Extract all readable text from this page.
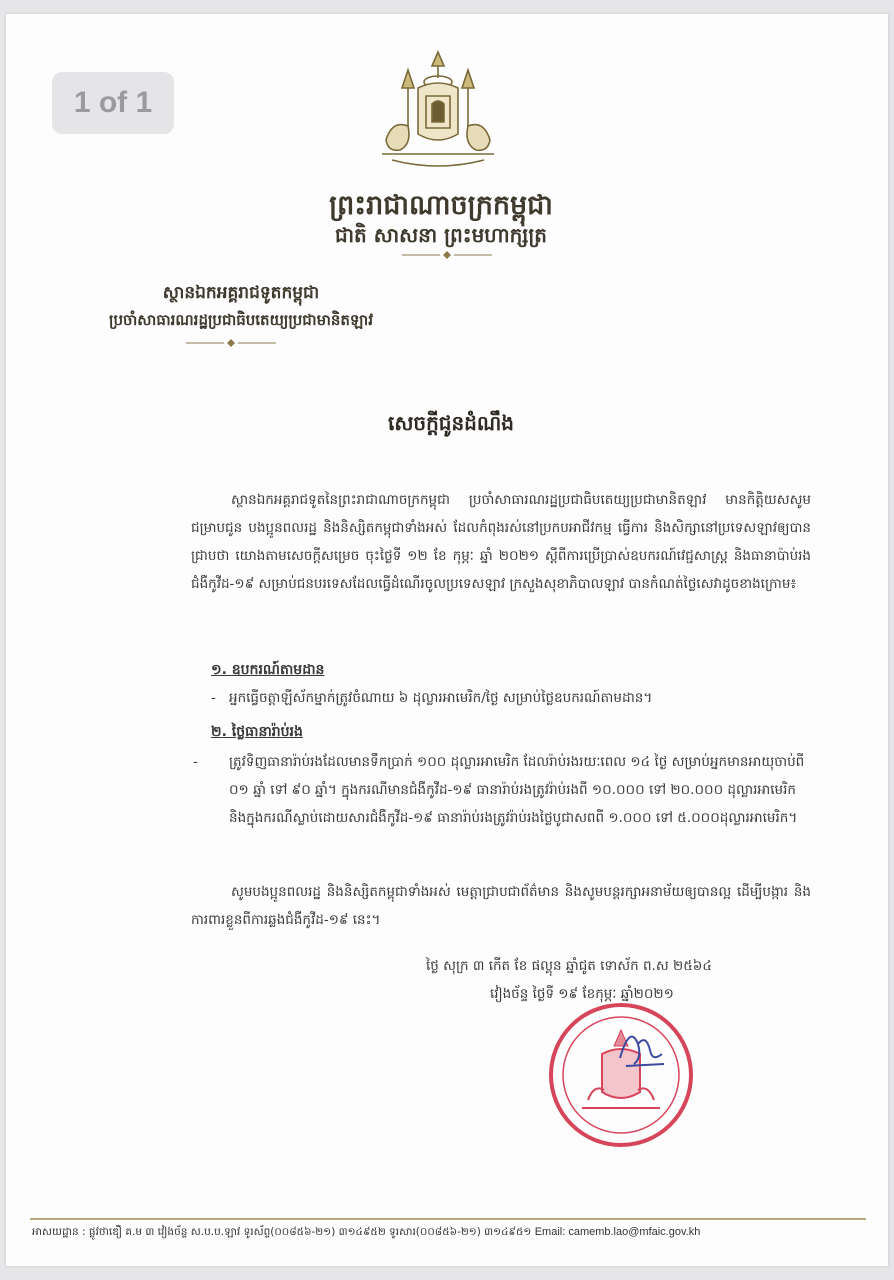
1 of 1
ព្រះរាជាណាចក្រកម្ពុជា
ជាតិ សាសនា ព្រះមហាក្សត្រ
ស្ថានឯកអគ្គរាជទូតកម្ពុជា
ប្រចាំសាធារណរដ្ឋប្រជាធិបតេយ្យប្រជាមានិតឡាវ
សេចក្តីជូនដំណឹង
ស្ថានឯកអគ្គរាជទូតនៃព្រះរាជាណាចក្រកម្ពុជា ប្រចាំសាធារណរដ្ឋប្រជាធិបតេយ្យប្រជាមានិតឡាវ មានកិត្តិយសសូមជម្រាបជូន បងប្អូនពលរដ្ឋ និងនិស្សិតកម្ពុជាទាំងអស់ ដែលកំពុងរស់នៅប្រកបអាជីវកម្ម ធ្វើការ និងសិក្សានៅប្រទេសឡាវឲ្យបានជ្រាបថា យោងតាមសេចក្តីសម្រេច ចុះថ្ងៃទី ១២ ខែ កុម្ភៈ ឆ្នាំ ២០២១ ស្តីពីការប្រើប្រាស់ឧបករណ៍វេជ្ជសាស្ត្រ និងធានាប៉ាប់រងជំងឺកូវីដ-១៩ សម្រាប់ជនបរទេសដែលធ្វើដំណើរចូលប្រទេសឡាវ ក្រសួងសុខាភិបាលឡាវ បានកំណត់ថ្លៃសេវាដូចខាងក្រោម៖
១. ឧបករណ៍តាមដាន
- អ្នកធ្វើចត្តាឡីស័កម្នាក់ត្រូវចំណាយ ៦ ដុល្លារអាមេរិក/ថ្ងៃ សម្រាប់ថ្លៃឧបករណ៍តាមដាន។
២. ថ្លៃធានារ៉ាប់រង
- ត្រូវទិញធានារ៉ាប់រងដែលមានទឹកប្រាក់ ១០០ ដុល្លារអាមេរិក ដែលរ៉ាប់រងរយៈពេល ១៤ ថ្ងៃ សម្រាប់អ្នកមានអាយុចាប់ពី ០១ ឆ្នាំ ទៅ ៩០ ឆ្នាំ។ ក្នុងករណីមានជំងឺកូវីដ-១៩ ធានារ៉ាប់រងត្រូវរ៉ាប់រងពី ១០.០០០ ទៅ ២០.០០០ ដុល្លារអាមេរិក និងក្នុងករណីស្លាប់ដោយសារជំងឺកូវីដ-១៩ ធានារ៉ាប់រងត្រូវរ៉ាប់រងថ្លៃបូជាសពពី ១.០០០ ទៅ ៥.០០០ដុល្លារអាមេរិក។
សូមបងប្អូនពលរដ្ឋ និងនិស្សិតកម្ពុជាទាំងអស់ មេត្តាជ្រាបជាព័ត៌មាន និងសូមបន្តរក្សាអនាម័យឲ្យបានល្អ ដើម្បីបង្ការ និងការពារខ្លួនពីការឆ្លងជំងឺកូវីដ-១៩ នេះ។
ថ្ងៃ សុក្រ ៣ កើត ខែ ផល្គុន ឆ្នាំជូត ទោស័ក ព.ស ២៥៦៤
វៀងច័ន្ទ ថ្ងៃទី ១៩ ខែកុម្ភៈ ឆ្នាំ២០២១
អាសយដ្ឋាន : ផ្លូវថាឌឿ គ.ម ៣ វៀងច័ន្ទ ស.ប.ប.ឡាវ ទូរស័ព្ទ(០០៨៥៦-២១) ៣១៤៩៥២ ទូរសារ(០០៨៥៦-២១) ៣១៤៩៥១ Email: camemb.lao@mfaic.gov.kh
